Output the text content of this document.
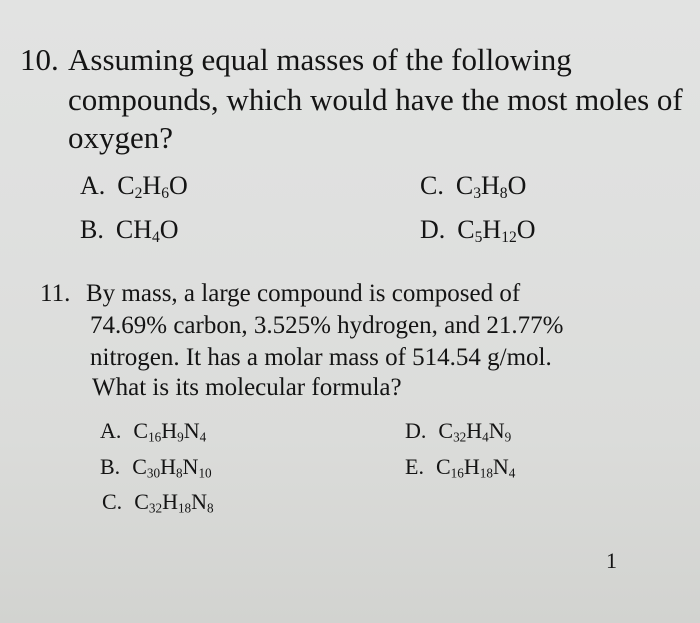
10. Assuming equal masses of the following
compounds, which would have the most moles of
oxygen?
A. $C_2H_6O$
B. $CH_4O$
C. $C_3H_8O$
D. $C_5H_{12}O$
11. By mass, a large compound is composed of
74.69% carbon, 3.525% hydrogen, and 21.77%
nitrogen. It has a molar mass of 514.54 g/mol.
What is its molecular formula?
A. $C_{16}H_9N_4$
B. $C_{30}H_8N_{10}$
C. $C_{32}H_{18}N_8$
D. $C_{32}H_4N_9$
E. $C_{16}H_{18}N_4$
1
